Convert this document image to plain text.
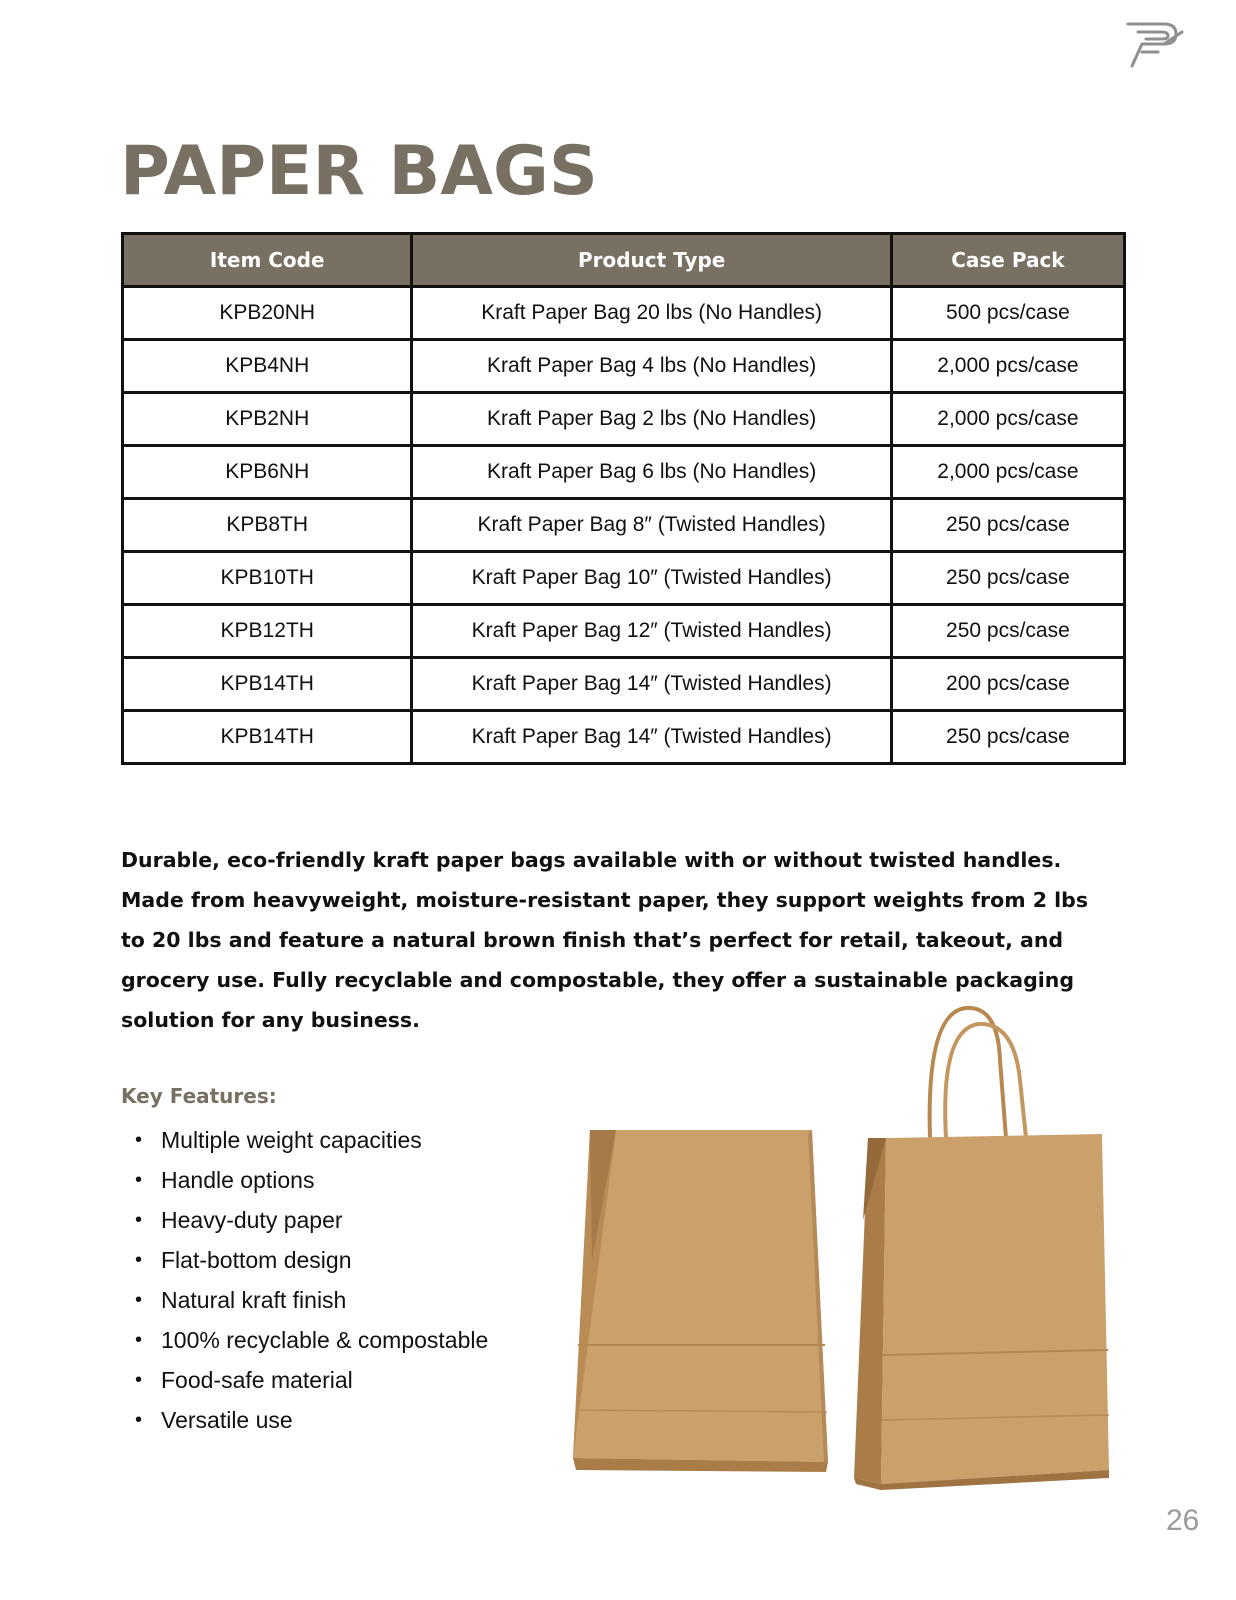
PAPER BAGS
Item Code	Product Type	Case Pack
KPB20NH	Kraft Paper Bag 20 lbs (No Handles)	500 pcs/case
KPB4NH	Kraft Paper Bag 4 lbs (No Handles)	2,000 pcs/case
KPB2NH	Kraft Paper Bag 2 lbs (No Handles)	2,000 pcs/case
KPB6NH	Kraft Paper Bag 6 lbs (No Handles)	2,000 pcs/case
KPB8TH	Kraft Paper Bag 8″ (Twisted Handles)	250 pcs/case
KPB10TH	Kraft Paper Bag 10″ (Twisted Handles)	250 pcs/case
KPB12TH	Kraft Paper Bag 12″ (Twisted Handles)	250 pcs/case
KPB14TH	Kraft Paper Bag 14″ (Twisted Handles)	200 pcs/case
KPB14TH	Kraft Paper Bag 14″ (Twisted Handles)	250 pcs/case

Durable, eco-friendly kraft paper bags available with or without twisted handles. Made from heavyweight, moisture-resistant paper, they support weights from 2 lbs to 20 lbs and feature a natural brown finish that’s perfect for retail, takeout, and grocery use. Fully recyclable and compostable, they offer a sustainable packaging solution for any business.

Key Features:
• Multiple weight capacities
• Handle options
• Heavy-duty paper
• Flat-bottom design
• Natural kraft finish
• 100% recyclable & compostable
• Food-safe material
• Versatile use
26
